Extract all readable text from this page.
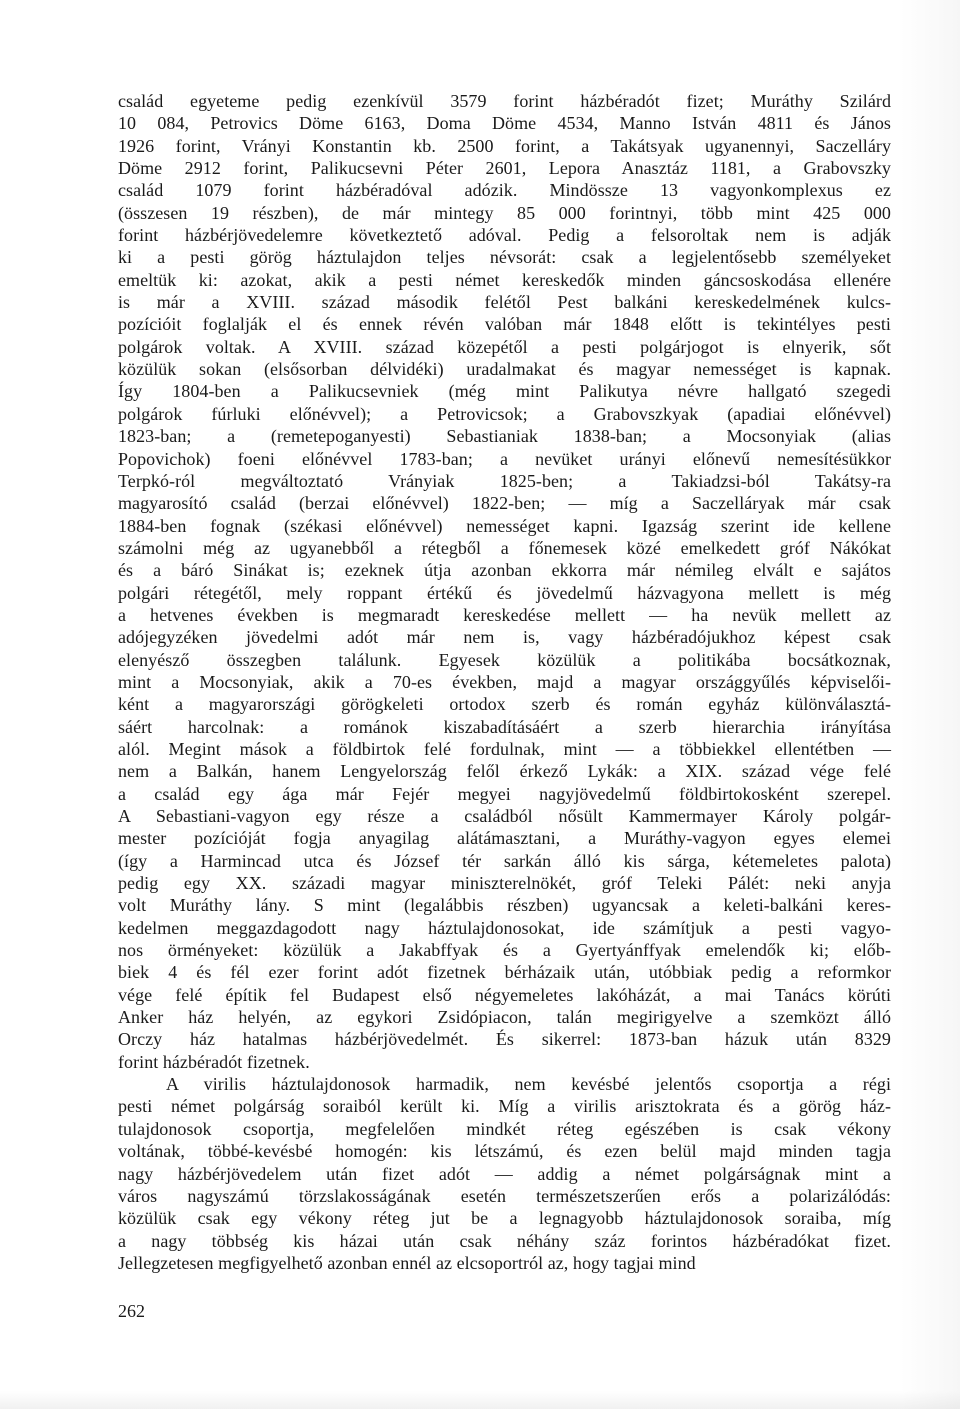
család egyeteme pedig ezenkívül 3579 forint házbéradót fizet; Muráthy Szilárd
10 084, Petrovics Döme 6163, Doma Döme 4534, Manno István 4811 és János
1926 forint, Vrányi Konstantin kb. 2500 forint, a Takátsyak ugyanennyi, Saczelláry
Döme 2912 forint, Palikucsevni Péter 2601, Lepora Anasztáz 1181, a Grabovszky
család 1079 forint házbéradóval adózik. Mindössze 13 vagyonkomplexus ez
(összesen 19 részben), de már mintegy 85 000 forintnyi, több mint 425 000
forint házbérjövedelemre következtető adóval. Pedig a felsoroltak nem is adják
ki a pesti görög háztulajdon teljes névsorát: csak a legjelentősebb személyeket
emeltük ki: azokat, akik a pesti német kereskedők minden gáncsoskodása ellenére
is már a XVIII. század második felétől Pest balkáni kereskedelmének kulcs-
pozícióit foglalják el és ennek révén valóban már 1848 előtt is tekintélyes pesti
polgárok voltak. A XVIII. század közepétől a pesti polgárjogot is elnyerik, sőt
közülük sokan (elsősorban délvidéki) uradalmakat és magyar nemességet is kapnak.
Így 1804-ben a Palikucsevniek (még mint Palikutya névre hallgató szegedi
polgárok fúrluki előnévvel); a Petrovicsok; a Grabovszkyak (apadiai előnévvel)
1823-ban; a (remetepoganyesti) Sebastianiak 1838-ban; a Mocsonyiak (alias
Popovichok) foeni előnévvel 1783-ban; a nevüket urányi előnevű nemesítésükkor
Terpkó-ról megváltoztató Vrányiak 1825-ben; a Takiadzsi-ból Takátsy-ra
magyarosító család (berzai előnévvel) 1822-ben; — míg a Saczelláryak már csak
1884-ben fognak (székasi előnévvel) nemességet kapni. Igazság szerint ide kellene
számolni még az ugyanebből a rétegből a főnemesek közé emelkedett gróf Nákókat
és a báró Sinákat is; ezeknek útja azonban ekkorra már némileg elvált e sajátos
polgári rétegétől, mely roppant értékű és jövedelmű házvagyona mellett is még
a hetvenes években is megmaradt kereskedése mellett — ha nevük mellett az
adójegyzéken jövedelmi adót már nem is, vagy házbéradójukhoz képest csak
elenyésző összegben találunk. Egyesek közülük a politikába bocsátkoznak,
mint a Mocsonyiak, akik a 70-es években, majd a magyar országgyűlés képviselői-
ként a magyarországi görögkeleti ortodox szerb és román egyház különválasztá-
sáért harcolnak: a románok kiszabadításáért a szerb hierarchia irányítása
alól. Megint mások a földbirtok felé fordulnak, mint — a többiekkel ellentétben —
nem a Balkán, hanem Lengyelország felől érkező Lykák: a XIX. század vége felé
a család egy ága már Fejér megyei nagyjövedelmű földbirtokosként szerepel.
A Sebastiani-vagyon egy része a családból nősült Kammermayer Károly polgár-
mester pozícióját fogja anyagilag alátámasztani, a Muráthy-vagyon egyes elemei
(így a Harmincad utca és József tér sarkán álló kis sárga, kétemeletes palota)
pedig egy XX. századi magyar miniszterelnökét, gróf Teleki Pálét: neki anyja
volt Muráthy lány. S mint (legalábbis részben) ugyancsak a keleti-balkáni keres-
kedelmen meggazdagodott nagy háztulajdonosokat, ide számítjuk a pesti vagyo-
nos örményeket: közülük a Jakabffyak és a Gyertyánffyak emelendők ki; előb-
biek 4 és fél ezer forint adót fizetnek bérházaik után, utóbbiak pedig a reformkor
vége felé építik fel Budapest első négyemeletes lakóházát, a mai Tanács körúti
Anker ház helyén, az egykori Zsidópiacon, talán megirigyelve a szemközt álló
Orczy ház hatalmas házbérjövedelmét. És sikerrel: 1873-ban házuk után 8329
forint házbéradót fizetnek.
A virilis háztulajdonosok harmadik, nem kevésbé jelentős csoportja a régi
pesti német polgárság soraiból került ki. Míg a virilis arisztokrata és a görög ház-
tulajdonosok csoportja, megfelelően mindkét réteg egészében is csak vékony
voltának, többé-kevésbé homogén: kis létszámú, és ezen belül majd minden tagja
nagy házbérjövedelem után fizet adót — addig a német polgárságnak mint a
város nagyszámú törzslakosságának esetén természetszerűen erős a polarizálódás:
közülük csak egy vékony réteg jut be a legnagyobb háztulajdonosok soraiba, míg
a nagy többség kis házai után csak néhány száz forintos házbéradókat fizet.
Jellegzetesen megfigyelhető azonban ennél az elcsoportról az, hogy tagjai mind
262
